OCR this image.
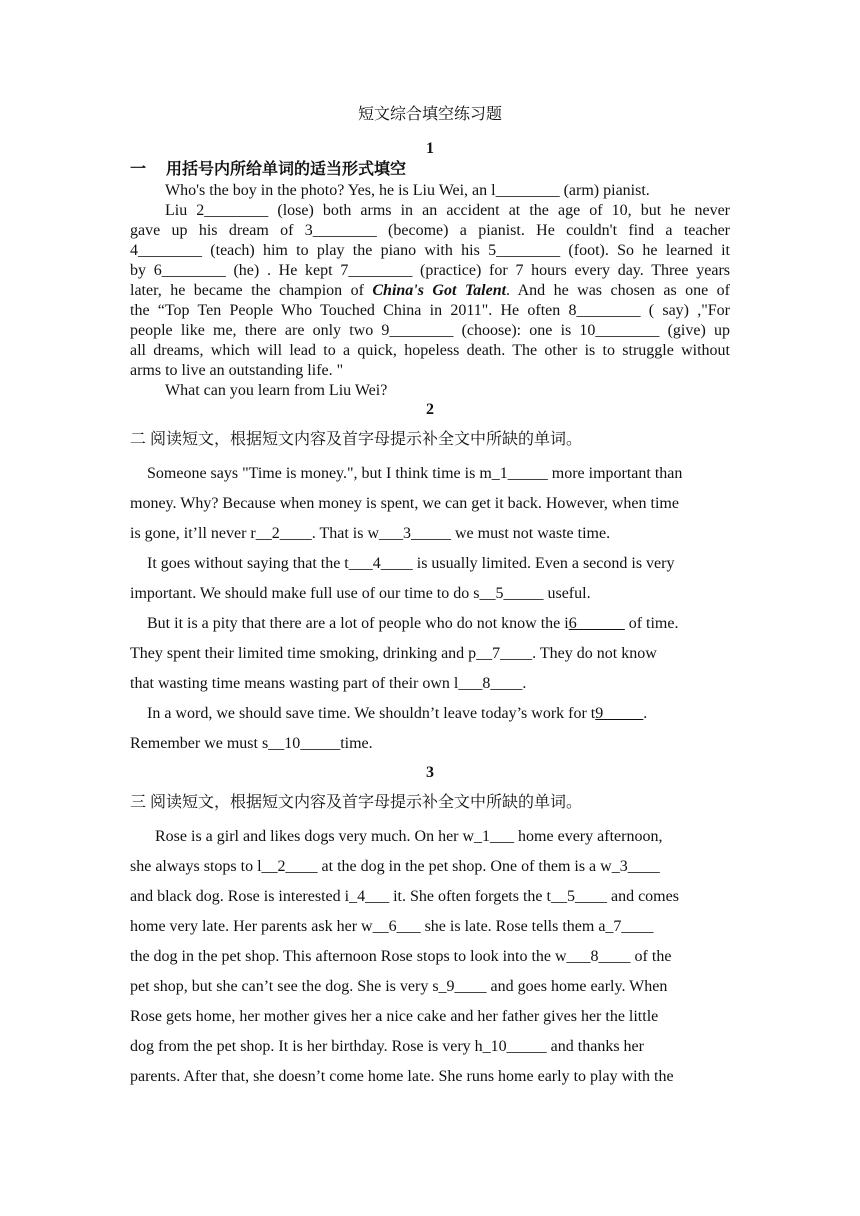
短文综合填空练习题
1
一 用括号内所给单词的适当形式填空

Who's the boy in the photo? Yes, he is Liu Wei, an l________ (arm) pianist.

Liu 2________ (lose) both arms in an accident at the age of 10, but he never

gave up his dream of 3________ (become) a pianist. He couldn't find a teacher

4________ (teach) him to play the piano with his 5________ (foot). So he learned it

by 6________ (he) . He kept 7________ (practice) for 7 hours every day. Three years

later, he became the champion of China's Got Talent. And he was chosen as one of

the “Top Ten People Who Touched China in 2011". He often 8________ ( say) ,"For

people like me, there are only two 9________ (choose): one is 10________ (give) up

all dreams, which will lead to a quick, hopeless death. The other is to struggle without

arms to live an outstanding life. "

What can you learn from Liu Wei?

2
二 阅读短文，根据短文内容及首字母提示补全文中所缺的单词。

Someone says "Time is money.", but I think time is m_1_____ more important than

money. Why? Because when money is spent, we can get it back. However, when time

is gone, it’ll never r__2____. That is w___3_____ we must not waste time.

It goes without saying that the t___4____ is usually limited. Even a second is very

important. We should make full use of our time to do s__5_____ useful.

But it is a pity that there are a lot of people who do not know the i6______ of time.

They spent their limited time smoking, drinking and p__7____. They do not know

that wasting time means wasting part of their own l___8____.

In a word, we should save time. We shouldn’t leave today’s work for t9_____.

Remember we must s__10_____time.

3
三 阅读短文，根据短文内容及首字母提示补全文中所缺的单词。

Rose is a girl and likes dogs very much. On her w_1___ home every afternoon,

she always stops to l__2____ at the dog in the pet shop. One of them is a w_3____

and black dog. Rose is interested i_4___ it. She often forgets the t__5____ and comes

home very late. Her parents ask her w__6___ she is late. Rose tells them a_7____

the dog in the pet shop. This afternoon Rose stops to look into the w___8____ of the

pet shop, but she can’t see the dog. She is very s_9____ and goes home early. When

Rose gets home, her mother gives her a nice cake and her father gives her the little

dog from the pet shop. It is her birthday. Rose is very h_10_____ and thanks her

parents. After that, she doesn’t come home late. She runs home early to play with the
